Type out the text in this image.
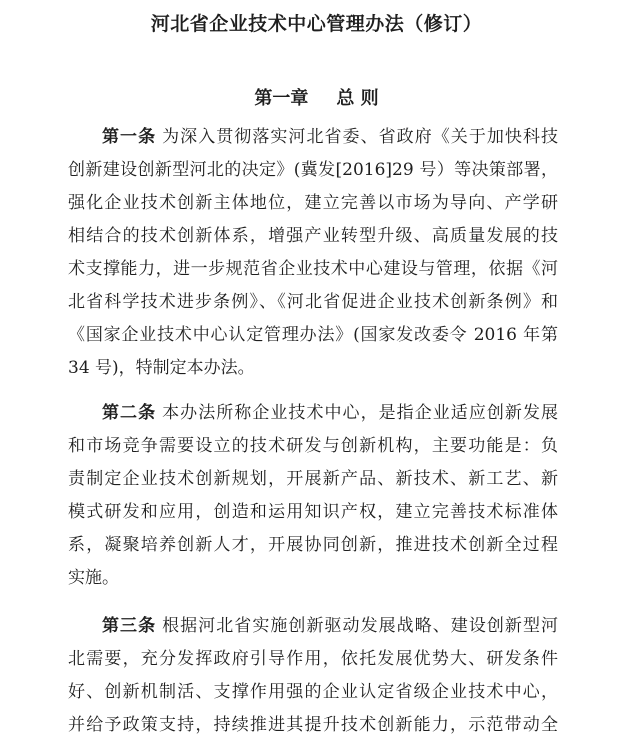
河北省企业技术中心管理办法（修订）
第一章 总 则
第一条 为深入贯彻落实河北省委、省政府《关于加快科技
创新建设创新型河北的决定》(冀发[2016]29 号）等决策部署，
强化企业技术创新主体地位，建立完善以市场为导向、产学研
相结合的技术创新体系，增强产业转型升级、高质量发展的技
术支撑能力，进一步规范省企业技术中心建设与管理，依据《河
北省科学技术进步条例》、《河北省促进企业技术创新条例》和
《国家企业技术中心认定管理办法》(国家发改委令 2016 年第
34 号)，特制定本办法。
第二条 本办法所称企业技术中心，是指企业适应创新发展
和市场竞争需要设立的技术研发与创新机构，主要功能是：负
责制定企业技术创新规划，开展新产品、新技术、新工艺、新
模式研发和应用，创造和运用知识产权，建立完善技术标准体
系，凝聚培养创新人才，开展协同创新，推进技术创新全过程
实施。
第三条 根据河北省实施创新驱动发展战略、建设创新型河
北需要，充分发挥政府引导作用，依托发展优势大、研发条件
好、创新机制活、支撑作用强的企业认定省级企业技术中心，
并给予政策支持，持续推进其提升技术创新能力，示范带动全
